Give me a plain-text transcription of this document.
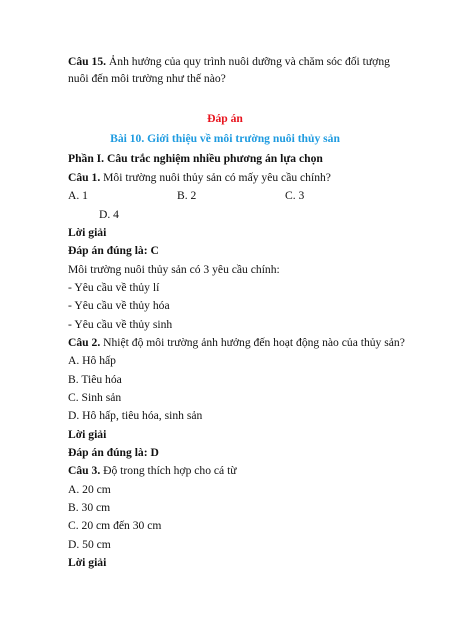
Câu 15. Ảnh hưởng của quy trình nuôi dưỡng và chăm sóc đối tượng
nuôi đến môi trường như thế nào?
Đáp án
Bài 10. Giới thiệu về môi trường nuôi thủy sản
Phần I. Câu trắc nghiệm nhiều phương án lựa chọn
Câu 1. Môi trường nuôi thủy sản có mấy yêu cầu chính?
A. 1	B. 2	C. 3
D. 4
Lời giải
Đáp án đúng là: C
Môi trường nuôi thủy sản có 3 yêu cầu chính:
- Yêu cầu về thủy lí
- Yêu cầu về thủy hóa
- Yêu cầu về thủy sinh
Câu 2. Nhiệt độ môi trường ảnh hưởng đến hoạt động nào của thủy sản?
A. Hô hấp
B. Tiêu hóa
C. Sinh sản
D. Hô hấp, tiêu hóa, sinh sản
Lời giải
Đáp án đúng là: D
Câu 3. Độ trong thích hợp cho cá từ
A. 20 cm
B. 30 cm
C. 20 cm đến 30 cm
D. 50 cm
Lời giải
